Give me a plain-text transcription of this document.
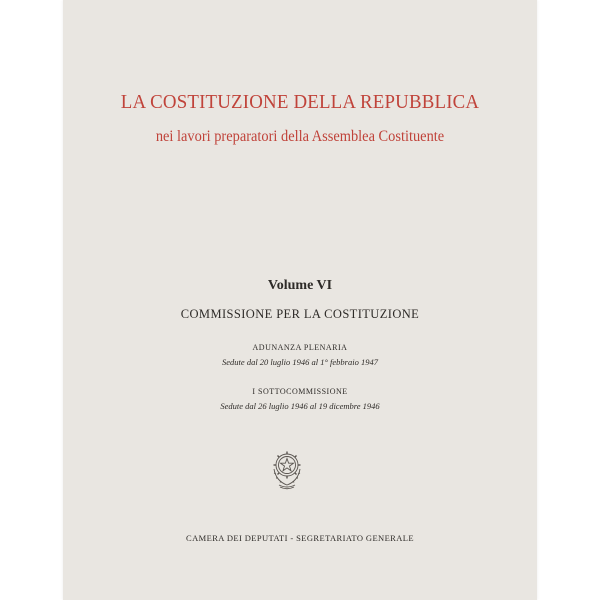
LA COSTITUZIONE DELLA REPUBBLICA
nei lavori preparatori della Assemblea Costituente
Volume VI
COMMISSIONE PER LA COSTITUZIONE
ADUNANZA PLENARIA
Sedute dal 20 luglio 1946 al 1° febbraio 1947
I SOTTOCOMMISSIONE
Sedute dal 26 luglio 1946 al 19 dicembre 1946
CAMERA DEI DEPUTATI - SEGRETARIATO GENERALE
